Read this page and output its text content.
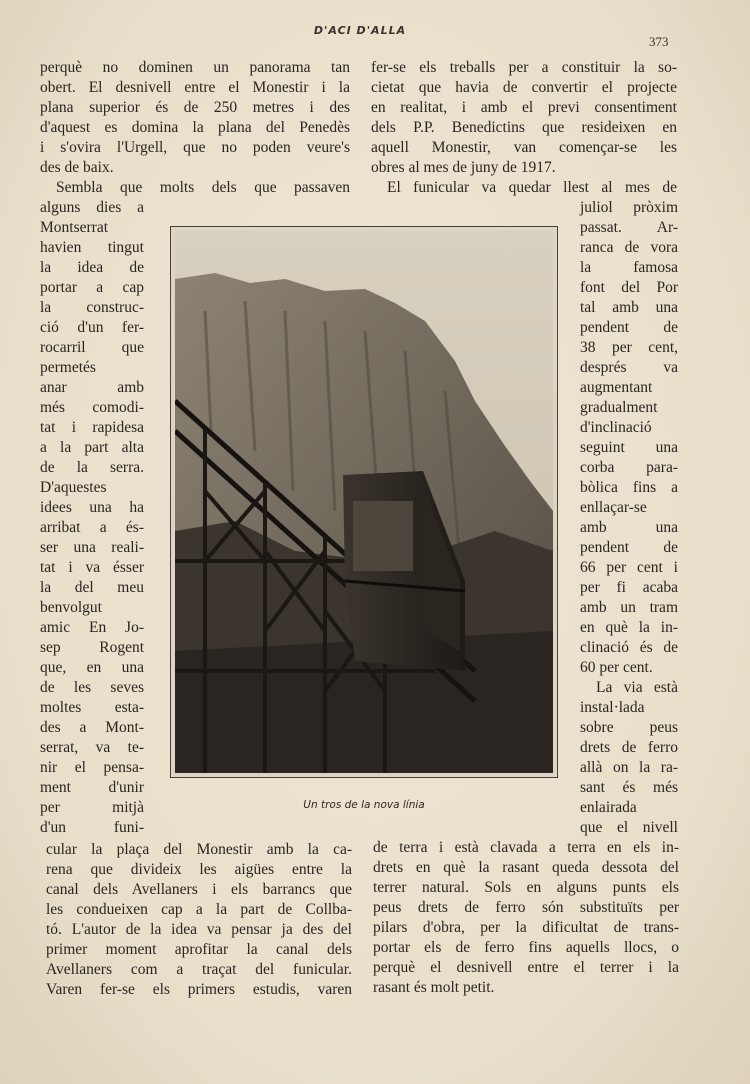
D'ACI D'ALLA
373
perquè no dominen un panorama tan
obert. El desnivell entre el Monestir i la
plana superior és de 250 metres i des
d'aquest es domina la plana del Penedès
i s'ovira l'Urgell, que no poden veure's
des de baix.
Sembla que molts dels que passaven
alguns dies a
Montserrat
havien tingut
la idea de
portar a cap
la construc-
ció d'un fer-
rocarril que
permetés
anar amb
més comodi-
tat i rapidesa
a la part alta
de la serra.
D'aquestes
idees una ha
arribat a és-
ser una reali-
tat i va ésser
la del meu
benvolgut
amic En Jo-
sep Rogent
que, en una
de les seves
moltes esta-
des a Mont-
serrat, va te-
nir el pensa-
ment d'unir
per mitjà
d'un funi-
cular la plaça del Monestir amb la ca-
rena que divideix les aigües entre la
canal dels Avellaners i els barrancs que
les condueixen cap a la part de Collba-
tó. L'autor de la idea va pensar ja des del
primer moment aprofitar la canal dels
Avellaners com a traçat del funicular.
Varen fer-se els primers estudis, varen
fer-se els treballs per a constituir la so-
cietat que havia de convertir el projecte
en realitat, i amb el previ consentiment
dels P.P. Benedictins que resideixen en
aquell Monestir, van començar-se les
obres al mes de juny de 1917.
El funicular va quedar llest al mes de
juliol pròxim
passat. Ar-
ranca de vora
la famosa
font del Por
tal amb una
pendent de
38 per cent,
després va
augmentant
gradualment
d'inclinació
seguint una
corba para-
bòlica fins a
enllaçar-se
amb una
pendent de
66 per cent i
per fi acaba
amb un tram
en què la in-
clinació és de
60 per cent.
La via està
instal·lada
sobre peus
drets de ferro
allà on la ra-
sant és més
enlairada
que el nivell
de terra i està clavada a terra en els in-
drets en què la rasant queda dessota del
terrer natural. Sols en alguns punts els
peus drets de ferro són substituïts per
pilars d'obra, per la dificultat de trans-
portar els de ferro fins aquells llocs, o
perquè el desnivell entre el terrer i la
rasant és molt petit.
Un tros de la nova línia
